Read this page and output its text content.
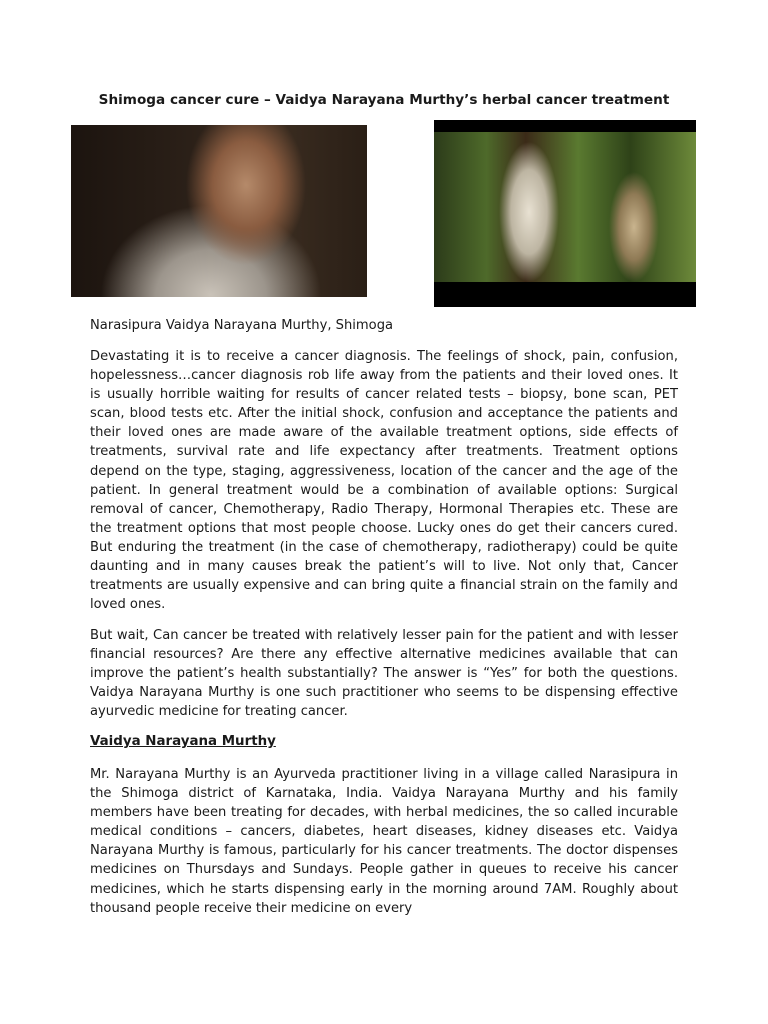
Shimoga cancer cure – Vaidya Narayana Murthy’s herbal cancer treatment
Narasipura Vaidya Narayana Murthy, Shimoga
Devastating it is to receive a cancer diagnosis. The feelings of shock, pain, confusion, hopelessness…cancer diagnosis rob life away from the patients and their loved ones. It is usually horrible waiting for results of cancer related tests – biopsy, bone scan, PET scan, blood tests etc. After the initial shock, confusion and acceptance the patients and their loved ones are made aware of the available treatment options, side effects of treatments, survival rate and life expectancy after treatments. Treatment options depend on the type, staging, aggressiveness, location of the cancer and the age of the patient. In general treatment would be a combination of available options: Surgical removal of cancer, Chemotherapy, Radio Therapy, Hormonal Therapies etc. These are the treatment options that most people choose. Lucky ones do get their cancers cured. But enduring the treatment (in the case of chemotherapy, radiotherapy) could be quite daunting and in many causes break the patient’s will to live. Not only that, Cancer treatments are usually expensive and can bring quite a financial strain on the family and loved ones.
But wait, Can cancer be treated with relatively lesser pain for the patient and with lesser financial resources? Are there any effective alternative medicines available that can improve the patient’s health substantially? The answer is “Yes” for both the questions. Vaidya Narayana Murthy is one such practitioner who seems to be dispensing effective ayurvedic medicine for treating cancer.
Vaidya Narayana Murthy
Mr. Narayana Murthy is an Ayurveda practitioner living in a village called Narasipura in the Shimoga district of Karnataka, India. Vaidya Narayana Murthy and his family members have been treating for decades, with herbal medicines, the so called incurable medical conditions – cancers, diabetes, heart diseases, kidney diseases etc. Vaidya Narayana Murthy is famous, particularly for his cancer treatments. The doctor dispenses medicines on Thursdays and Sundays. People gather in queues to receive his cancer medicines, which he starts dispensing early in the morning around 7AM. Roughly about thousand people receive their medicine on every
